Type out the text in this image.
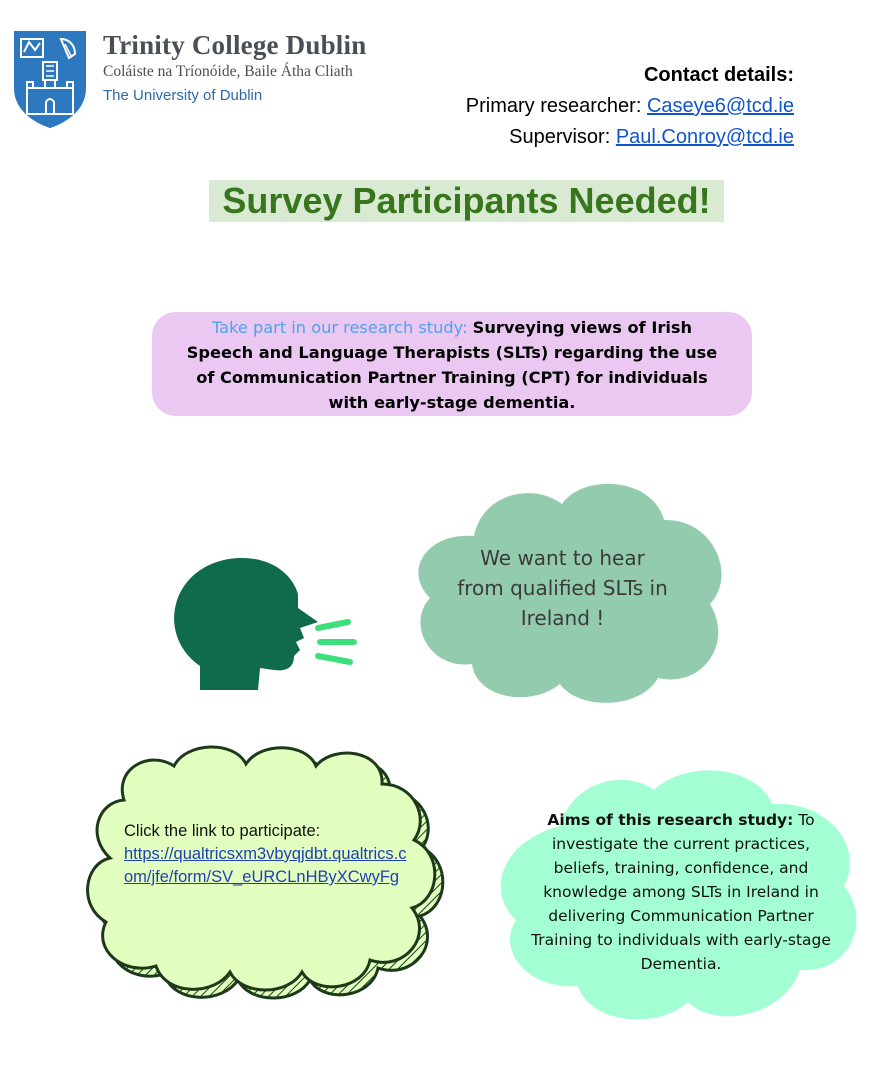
Trinity College Dublin
Coláiste na Tríonóide, Baile Átha Cliath
The University of Dublin
Contact details:
Primary researcher: Caseye6@tcd.ie
Supervisor: Paul.Conroy@tcd.ie
Survey Participants Needed!
Take part in our research study: Surveying views of Irish Speech and Language Therapists (SLTs) regarding the use of Communication Partner Training (CPT) for individuals with early-stage dementia.
We want to hear from qualified SLTs in Ireland !
Click the link to participate:
https://qualtricsxm3vbyqjdbt.qualtrics.com/jfe/form/SV_eURCLnHByXCwyFg
Aims of this research study: To investigate the current practices, beliefs, training, confidence, and knowledge among SLTs in Ireland in delivering Communication Partner Training to individuals with early-stage Dementia.
